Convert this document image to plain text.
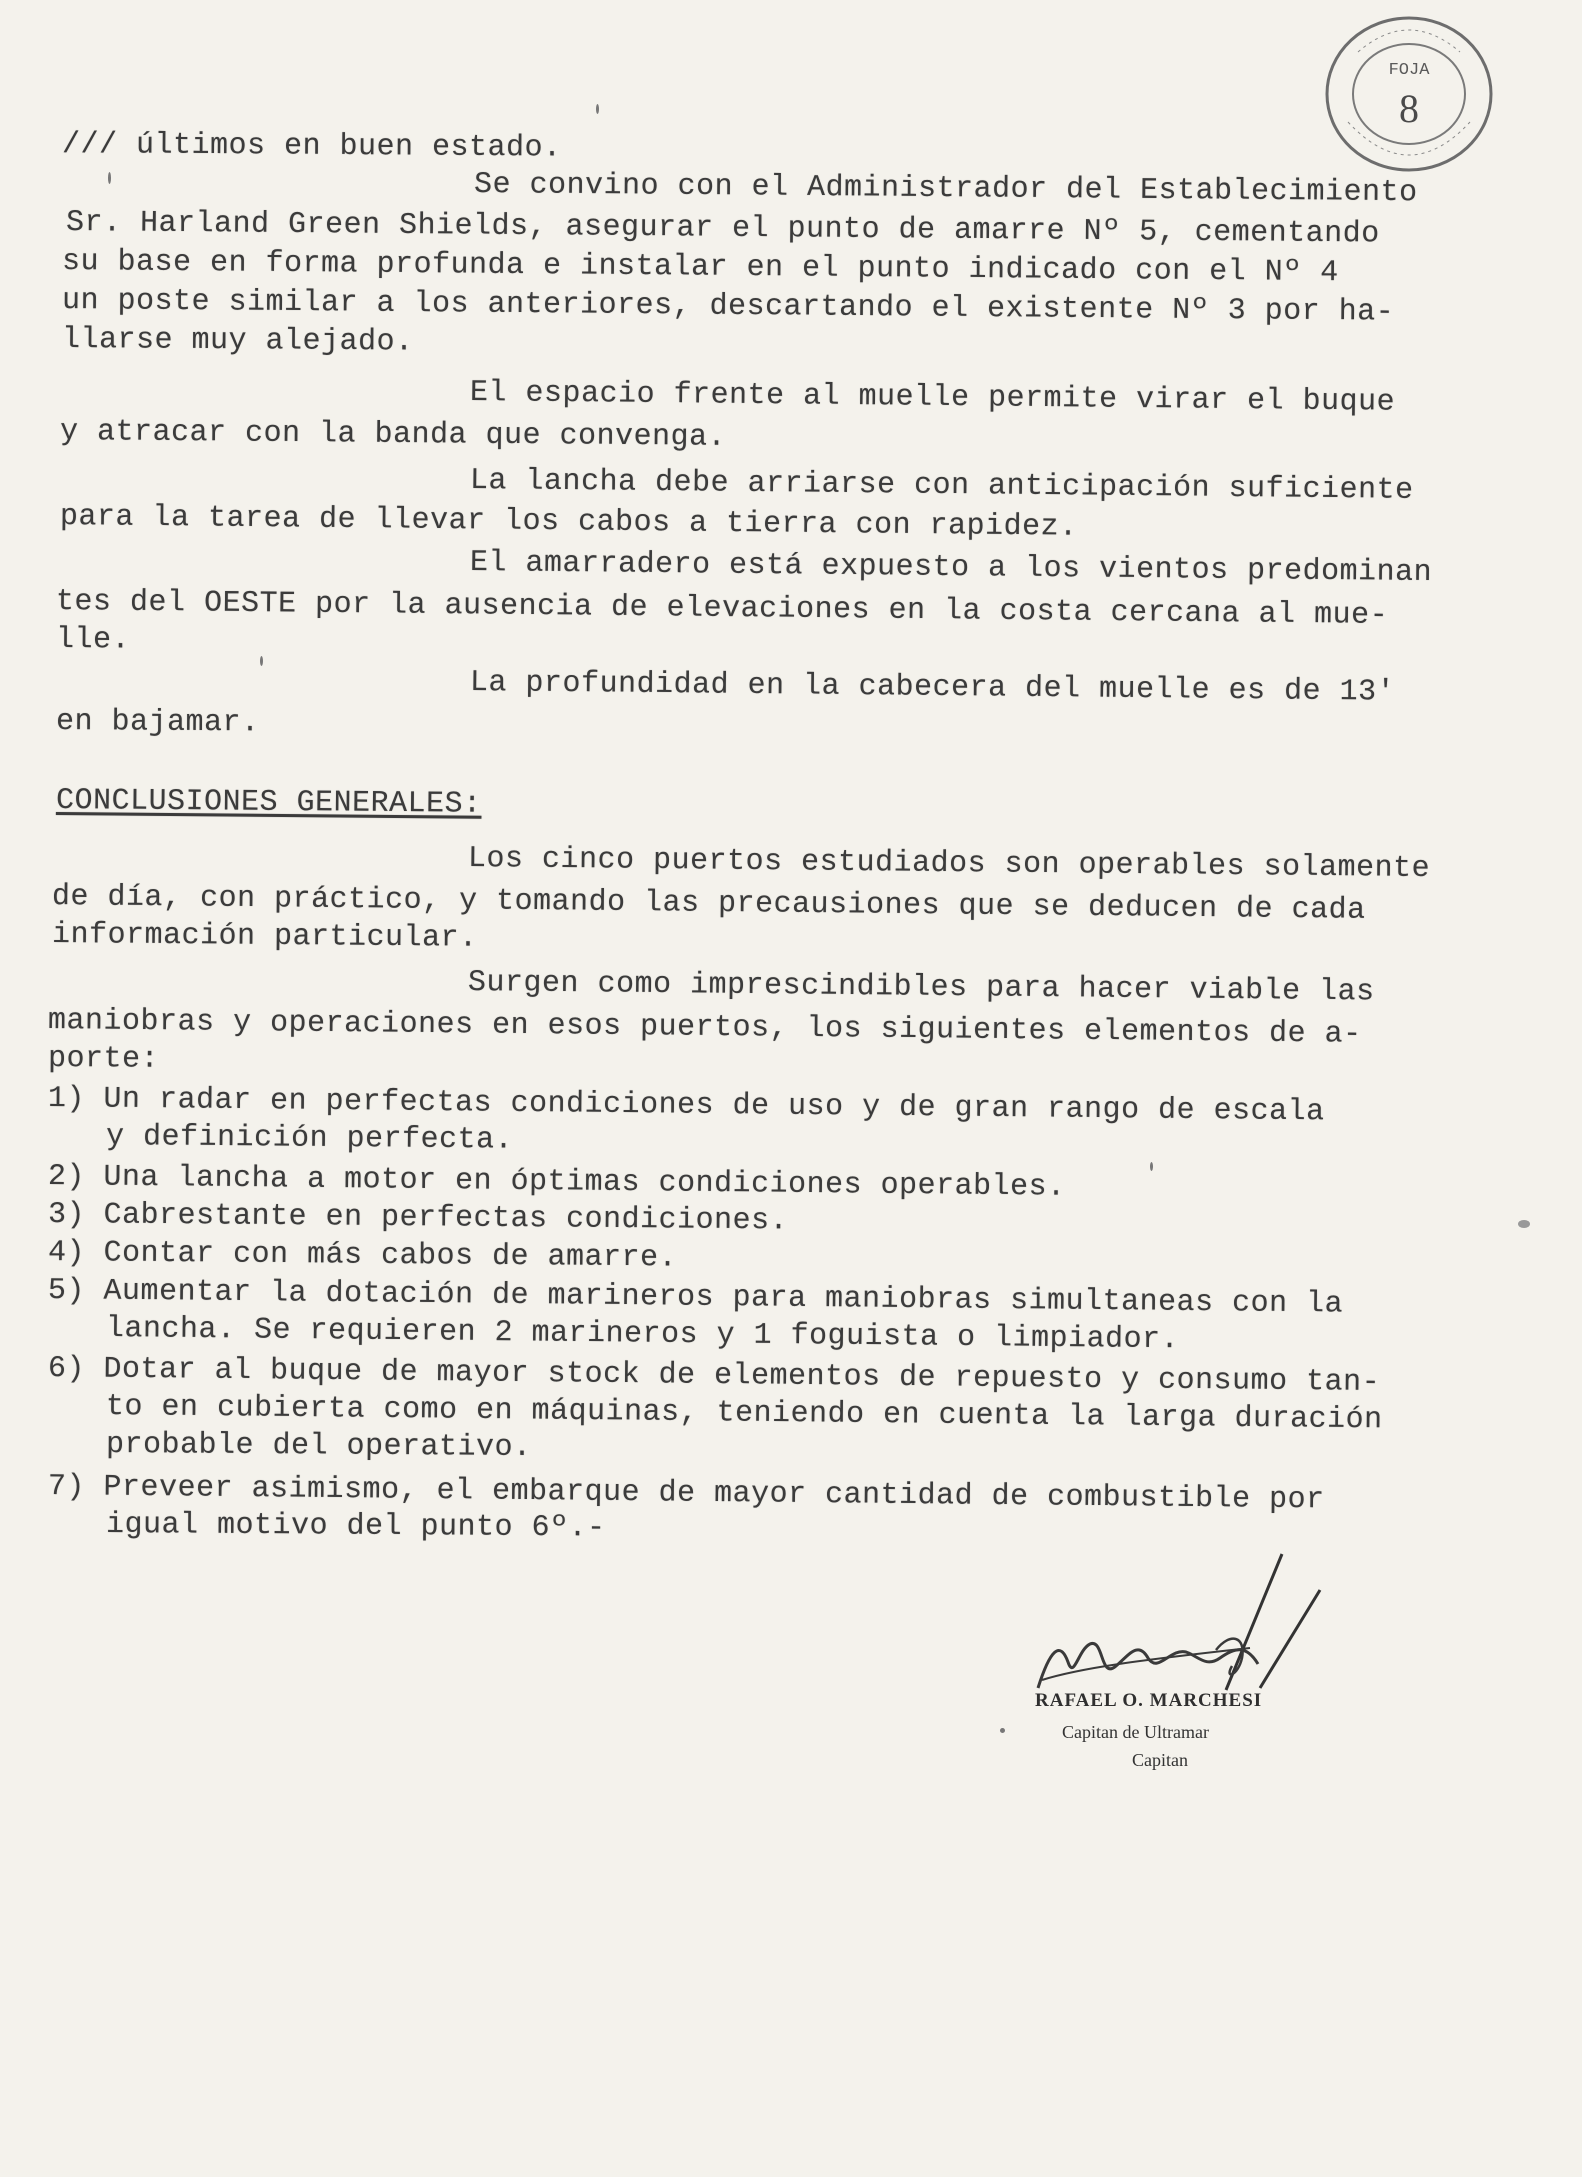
FOJA
8
/// últimos en buen estado.
Se convino con el Administrador del Establecimiento
Sr. Harland Green Shields, asegurar el punto de amarre Nº 5, cementando
su base en forma profunda e instalar en el punto indicado con el Nº 4
un poste similar a los anteriores, descartando el existente Nº 3 por ha-
llarse muy alejado.
El espacio frente al muelle permite virar el buque
y atracar con la banda que convenga.
La lancha debe arriarse con anticipación suficiente
para la tarea de llevar los cabos a tierra con rapidez.
El amarradero está expuesto a los vientos predominan
tes del OESTE por la ausencia de elevaciones en la costa cercana al mue-
lle.
La profundidad en la cabecera del muelle es de 13'
en bajamar.
CONCLUSIONES GENERALES:
Los cinco puertos estudiados son operables solamente
de día, con práctico, y tomando las precausiones que se deducen de cada
información particular.
Surgen como imprescindibles para hacer viable las
maniobras y operaciones en esos puertos, los siguientes elementos de a-
porte:
1) Un radar en perfectas condiciones de uso y de gran rango de escala
y definición perfecta.
2) Una lancha a motor en óptimas condiciones operables.
3) Cabrestante en perfectas condiciones.
4) Contar con más cabos de amarre.
5) Aumentar la dotación de marineros para maniobras simultaneas con la
lancha. Se requieren 2 marineros y 1 foguista o limpiador.
6) Dotar al buque de mayor stock de elementos de repuesto y consumo tan-
to en cubierta como en máquinas, teniendo en cuenta la larga duración
probable del operativo.
7) Preveer asimismo, el embarque de mayor cantidad de combustible por
igual motivo del punto 6º.-
RAFAEL O. MARCHESI
Capitan de Ultramar
Capitan
